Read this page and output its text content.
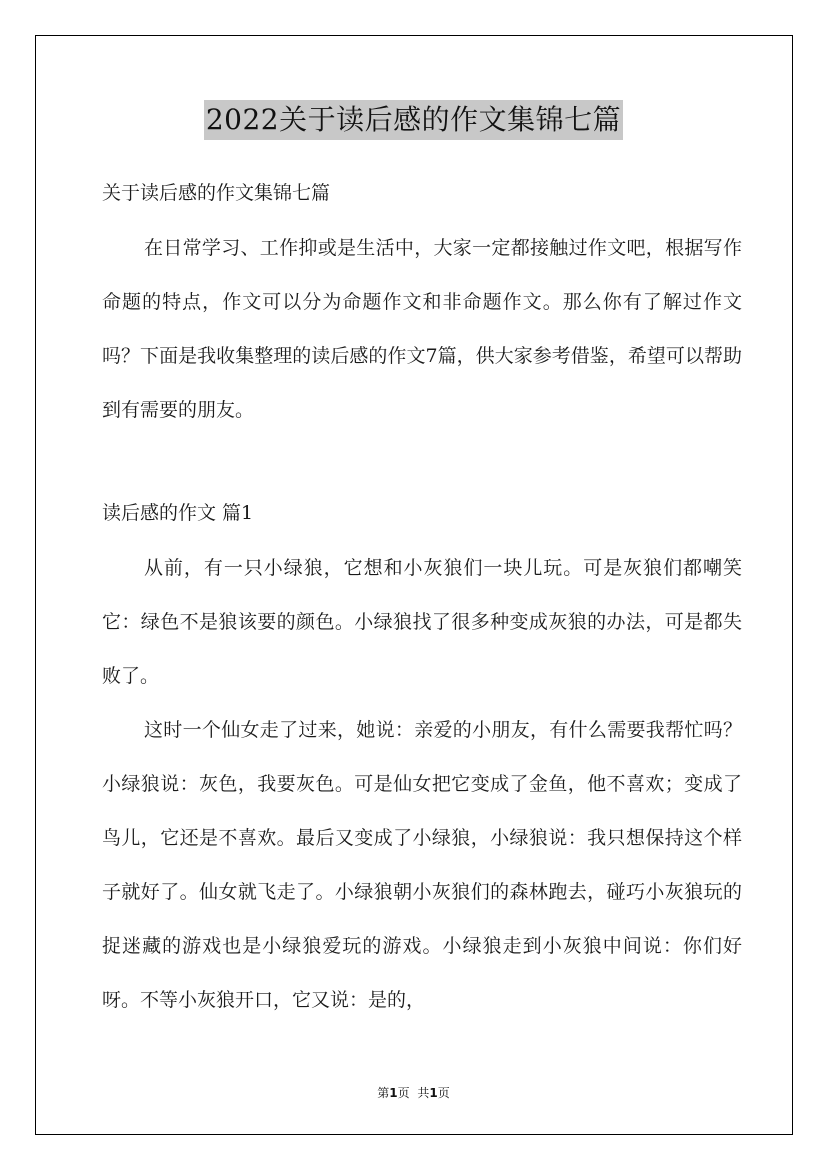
2022关于读后感的作文集锦七篇

关于读后感的作文集锦七篇

在日常学习、工作抑或是生活中，大家一定都接触过作文吧，根据写作命题的特点，作文可以分为命题作文和非命题作文。那么你有了解过作文吗？下面是我收集整理的读后感的作文7篇，供大家参考借鉴，希望可以帮助到有需要的朋友。

读后感的作文 篇1

从前，有一只小绿狼，它想和小灰狼们一块儿玩。可是灰狼们都嘲笑它：绿色不是狼该要的颜色。小绿狼找了很多种变成灰狼的办法，可是都失败了。

这时一个仙女走了过来，她说：亲爱的小朋友，有什么需要我帮忙吗？小绿狼说：灰色，我要灰色。可是仙女把它变成了金鱼，他不喜欢；变成了鸟儿，它还是不喜欢。最后又变成了小绿狼，小绿狼说：我只想保持这个样子就好了。仙女就飞走了。小绿狼朝小灰狼们的森林跑去，碰巧小灰狼玩的捉迷藏的游戏也是小绿狼爱玩的游戏。小绿狼走到小灰狼中间说：你们好呀。不等小灰狼开口，它又说：是的，

第1页 共1页
